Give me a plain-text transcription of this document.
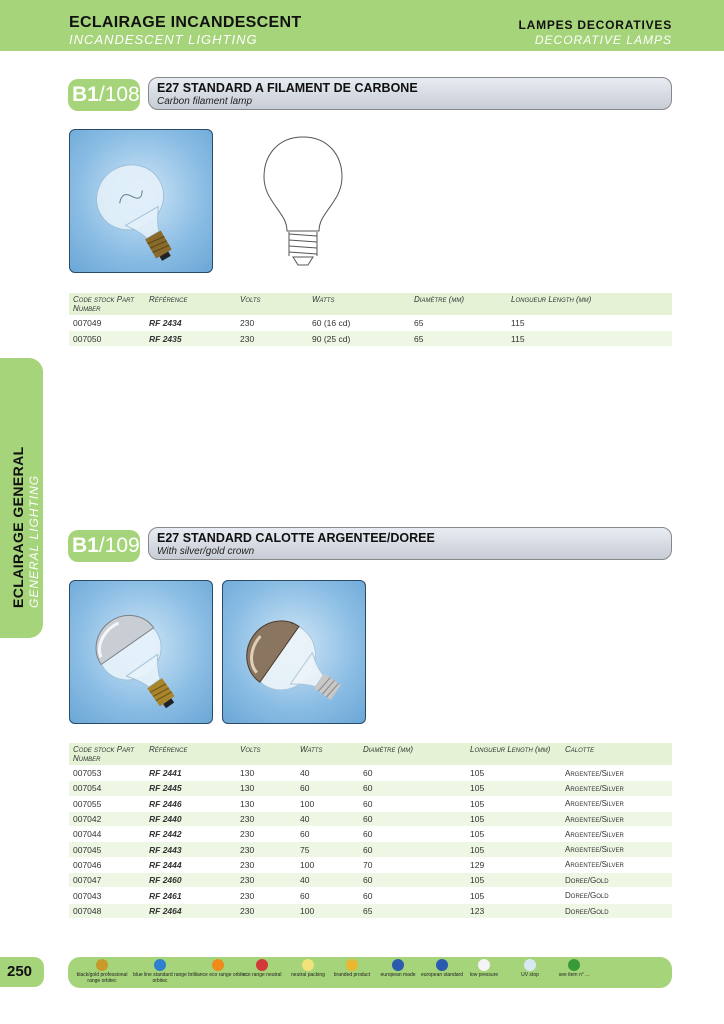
ECLAIRAGE INCANDESCENT
INCANDESCENT LIGHTING
LAMPES DECORATIVES
DECORATIVE LAMPS
ECLAIRAGE GENERAL GENERAL LIGHTING
B1/108 E27 STANDARD A FILAMENT DE CARBONE
Carbon filament lamp
Code stock Part Number	Référence	Volts	Watts	Diamètre (mm)	Longueur Length (mm)
007049	RF 2434	230	60 (16 cd)	65	115
007050	RF 2435	230	90 (25 cd)	65	115
B1/109 E27 STANDARD CALOTTE ARGENTEE/DOREE
With silver/gold crown
Code stock Part Number	Référence	Volts	Watts	Diamètre (mm)	Longueur Length (mm)	Calotte
007053	RF 2441	130	40	60	105	Argentee/Silver
007054	RF 2445	130	60	60	105	Argentee/Silver
007055	RF 2446	130	100	60	105	Argentee/Silver
007042	RF 2440	230	40	60	105	Argentee/Silver
007044	RF 2442	230	60	60	105	Argentee/Silver
007045	RF 2443	230	75	60	105	Argentee/Silver
007046	RF 2444	230	100	70	129	Argentee/Silver
007047	RF 2460	230	40	60	105	Doree/Gold
007043	RF 2461	230	60	60	105	Doree/Gold
007048	RF 2464	230	100	65	123	Doree/Gold
250	black/gold professional range orbitec
blue line standard range orbitec
brilliance eco range orbitec
eco range neutral	neutral packing	branded product	european made	european standard	low pressure	UV stop	see item n° ...
